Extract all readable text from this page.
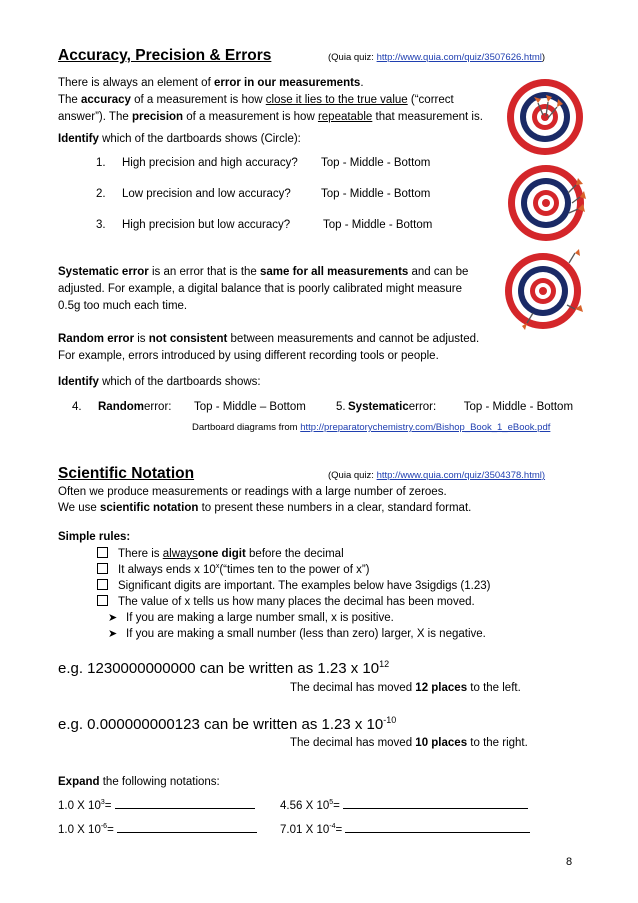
Accuracy, Precision & Errors	(Quia quiz: http://www.quia.com/quiz/3507626.html)
There is always an element of error in our measurements.
The accuracy of a measurement is how close it lies to the true value (“correct
answer”). The precision of a measurement is how repeatable that measurement is.
Identify which of the dartboards shows (Circle):
1. High precision and high accuracy? Top - Middle - Bottom
2. Low precision and low accuracy?	Top - Middle - Bottom
3. High precision but low accuracy?	Top - Middle - Bottom
Systematic error is an error that is the same for all measurements and can be
adjusted. For example, a digital balance that is poorly calibrated might measure
0.5g too much each time.
Random error is not consistent between measurements and cannot be adjusted.
For example, errors introduced by using different recording tools or people.
Identify which of the dartboards shows:
4. Randomerror: Top - Middle – Bottom	5. Systematicerror: Top - Middle - Bottom
Dartboard diagrams from http://preparatorychemistry.com/Bishop_Book_1_eBook.pdf
Scientific Notation	(Quia quiz: http://www.quia.com/quiz/3504378.html)
Often we produce measurements or readings with a large number of zeroes.
We use scientific notation to present these numbers in a clear, standard format.
Simple rules:
There is alwaysone digit before the decimal
It always ends x 10$^x$(“times ten to the power of x”)
Significant digits are important. The examples below have 3sigdigs (1.23)
The value of x tells us how many places the decimal has been moved.
➤ If you are making a large number small, x is positive.
➤ If you are making a small number (less than zero) larger, X is negative.
e.g. 1230000000000 can be written as 1.23 x $10^{12}$
The decimal has moved 12 places to the left.
e.g. 0.000000000123 can be written as 1.23 x $10^{-10}$
The decimal has moved 10 places to the right.
Expand the following notations:
1.0 X $10^3=$	4.56 X $10^5=$
1.0 X $10^{-6}=$	7.01 X $10^{-4}=$
8
